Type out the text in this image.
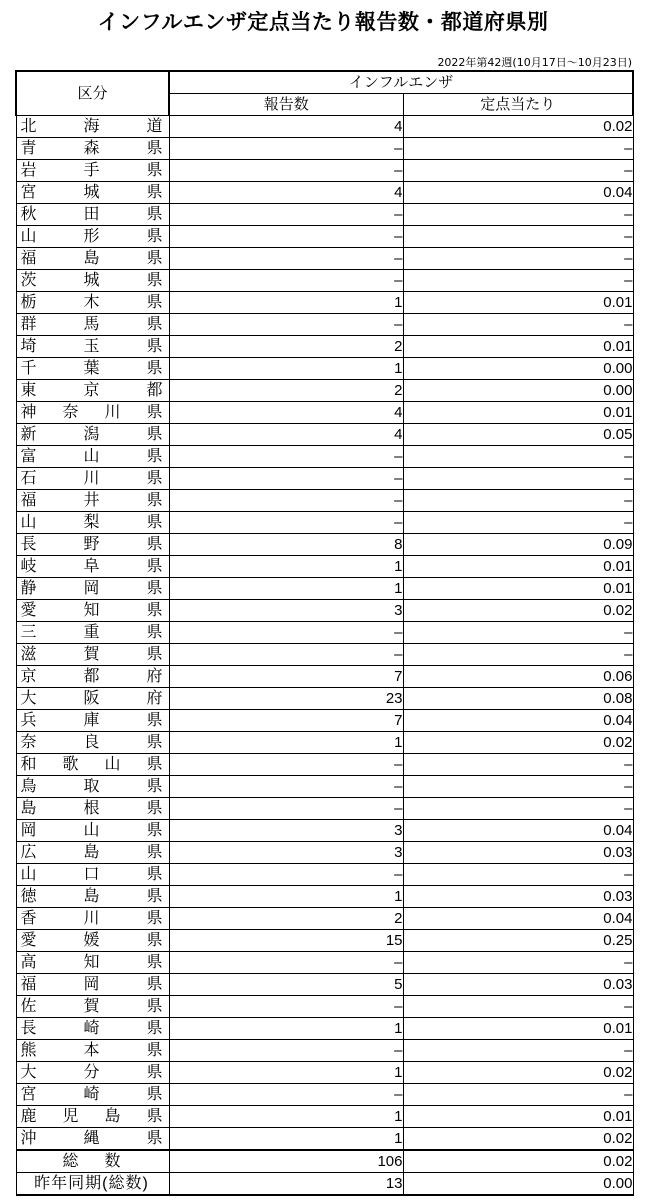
インフルエンザ定点当たり報告数・都道府県別
2022年第42週(10月17日～10月23日)
区分	インフルエンザ	
	報告数	定点当たり

北 海 道	4	0.02

青 森 県	–	–

岩 手 県	–	–

宮 城 県	4	0.04

秋 田 県	–	–

山 形 県	–	–

福 島 県	–	–

茨 城 県	–	–

栃 木 県	1	0.01

群 馬 県	–	–

埼 玉 県	2	0.01

千 葉 県	1	0.00

東 京 都	2	0.00

神 奈 川 県	4	0.01

新 潟 県	4	0.05

富 山 県	–	–

石 川 県	–	–

福 井 県	–	–

山 梨 県	–	–

長 野 県	8	0.09

岐 阜 県	1	0.01

静 岡 県	1	0.01

愛 知 県	3	0.02

三 重 県	–	–

滋 賀 県	–	–

京 都 府	7	0.06

大 阪 府	23	0.08

兵 庫 県	7	0.04

奈 良 県	1	0.02

和 歌 山 県	–	–

鳥 取 県	–	–

島 根 県	–	–

岡 山 県	3	0.04

広 島 県	3	0.03

山 口 県	–	–

徳 島 県	1	0.03

香 川 県	2	0.04

愛 媛 県	15	0.25

高 知 県	–	–

福 岡 県	5	0.03

佐 賀 県	–	–

長 崎 県	1	0.01

熊 本 県	–	–

大 分 県	1	0.02

宮 崎 県	–	–

鹿 児 島 県	1	0.01

沖 縄 県	1	0.02

総 数	106	0.02

昨年同期(総数)	13	0.00
